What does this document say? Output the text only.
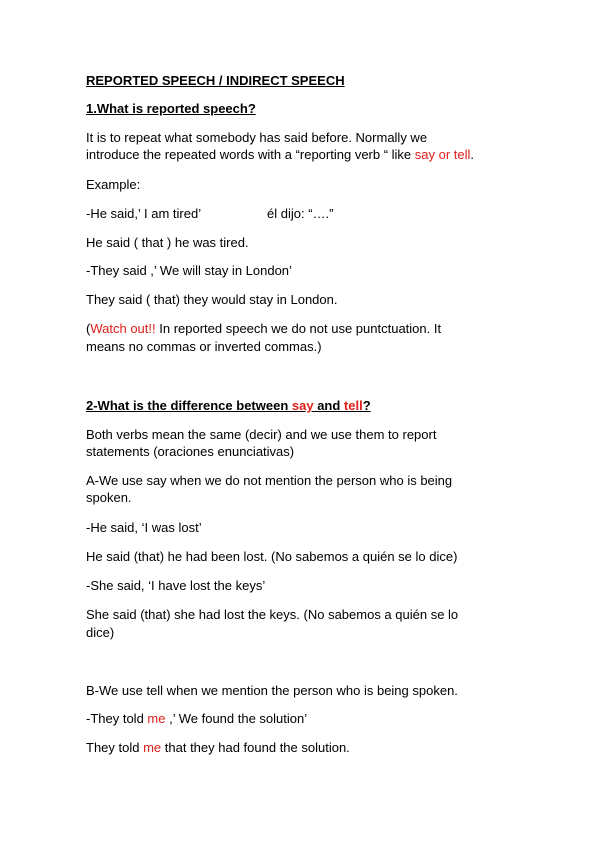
REPORTED SPEECH / INDIRECT SPEECH
1.What is reported speech?
It is to repeat what somebody has said before. Normally we
introduce the repeated words with a “reporting verb “ like say or tell.
Example:
-He said,’ I am tired’	él dijo: “….”
He said ( that ) he was tired.
-They said ,’ We will stay in London’
They said ( that) they would stay in London.
(Watch out!! In reported speech we do not use puntctuation. It
means no commas or inverted commas.)
2-What is the difference between say and tell?
Both verbs mean the same (decir) and we use them to report
statements (oraciones enunciativas)
A-We use say when we do not mention the person who is being
spoken.
-He said, ‘I was lost’
He said (that) he had been lost. (No sabemos a quién se lo dice)
-She said, ‘I have lost the keys’
She said (that) she had lost the keys. (No sabemos a quién se lo
dice)
B-We use tell when we mention the person who is being spoken.
-They told me ,’ We found the solution’
They told me that they had found the solution.
